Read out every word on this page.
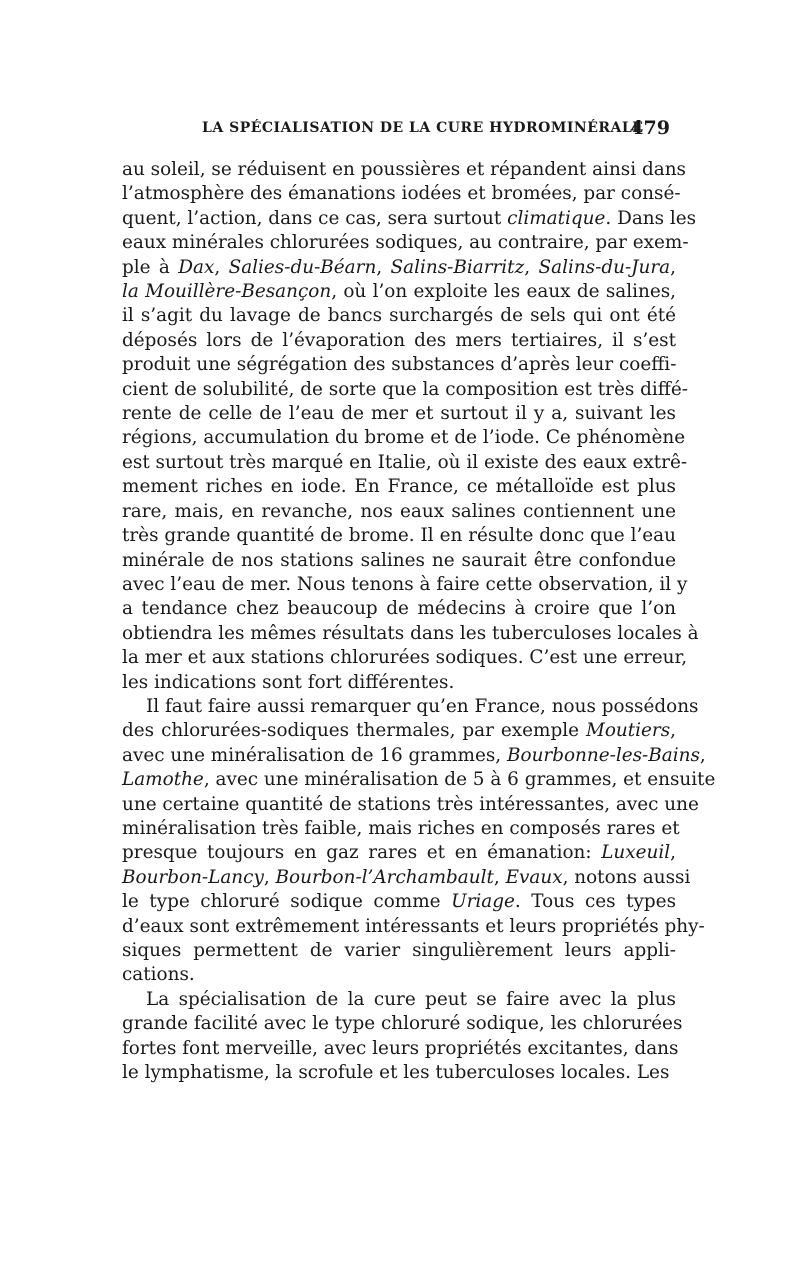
LA SPÉCIALISATION DE LA CURE HYDROMINÉRALE
479
au soleil, se réduisent en poussières et répandent ainsi dans
l’atmosphère des émanations iodées et bromées, par consé-
quent, l’action, dans ce cas, sera surtout climatique. Dans les
eaux minérales chlorurées sodiques, au contraire, par exem-
ple à Dax, Salies-du-Béarn, Salins-Biarritz, Salins-du-Jura,
la Mouillère-Besançon, où l’on exploite les eaux de salines,
il s’agit du lavage de bancs surchargés de sels qui ont été
déposés lors de l’évaporation des mers tertiaires, il s’est
produit une ségrégation des substances d’après leur coeffi-
cient de solubilité, de sorte que la composition est très diffé-
rente de celle de l’eau de mer et surtout il y a, suivant les
régions, accumulation du brome et de l’iode. Ce phénomène
est surtout très marqué en Italie, où il existe des eaux extrê-
mement riches en iode. En France, ce métalloïde est plus
rare, mais, en revanche, nos eaux salines contiennent une
très grande quantité de brome. Il en résulte donc que l’eau
minérale de nos stations salines ne saurait être confondue
avec l’eau de mer. Nous tenons à faire cette observation, il y
a tendance chez beaucoup de médecins à croire que l’on
obtiendra les mêmes résultats dans les tuberculoses locales à
la mer et aux stations chlorurées sodiques. C’est une erreur,
les indications sont fort différentes.
Il faut faire aussi remarquer qu’en France, nous possédons
des chlorurées-sodiques thermales, par exemple Moutiers,
avec une minéralisation de 16 grammes, Bourbonne-les-Bains,
Lamothe, avec une minéralisation de 5 à 6 grammes, et ensuite
une certaine quantité de stations très intéressantes, avec une
minéralisation très faible, mais riches en composés rares et
presque toujours en gaz rares et en émanation: Luxeuil,
Bourbon-Lancy, Bourbon-l’Archambault, Evaux, notons aussi
le type chloruré sodique comme Uriage. Tous ces types
d’eaux sont extrêmement intéressants et leurs propriétés phy-
siques permettent de varier singulièrement leurs appli-
cations.
La spécialisation de la cure peut se faire avec la plus
grande facilité avec le type chloruré sodique, les chlorurées
fortes font merveille, avec leurs propriétés excitantes, dans
le lymphatisme, la scrofule et les tuberculoses locales. Les
